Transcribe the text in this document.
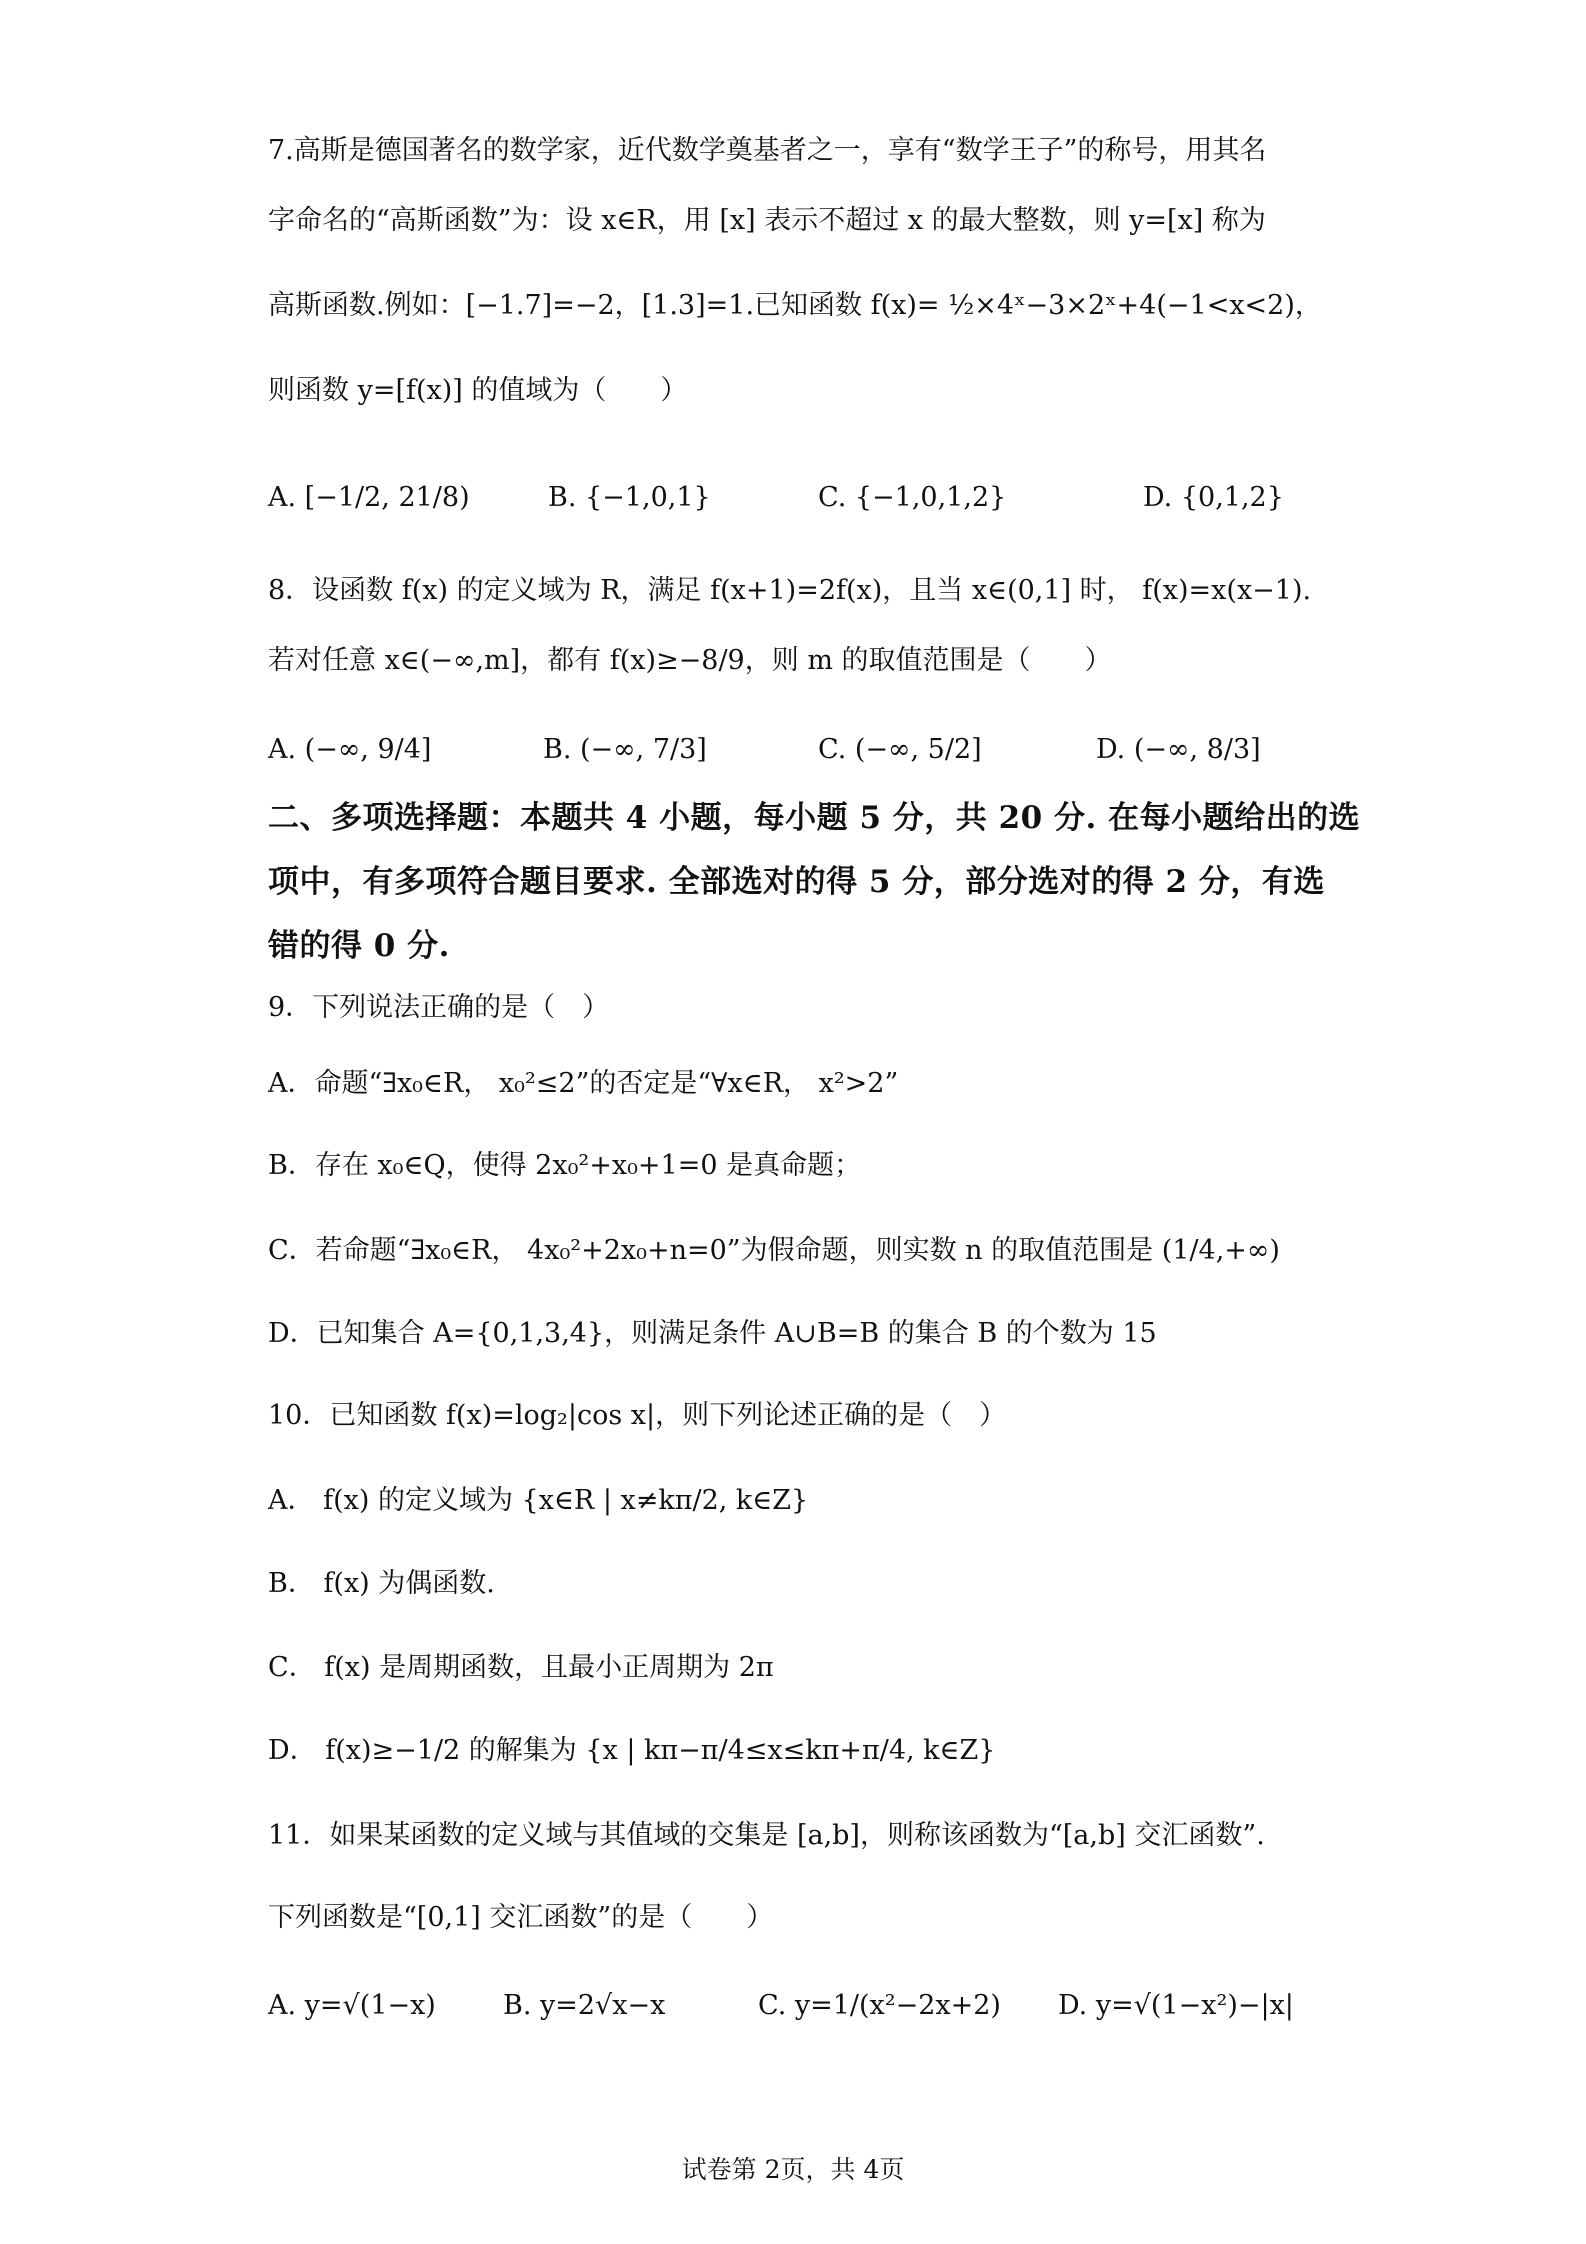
7.高斯是德国著名的数学家，近代数学奠基者之一，享有“数学王子”的称号，用其名
字命名的“高斯函数”为：设 x∈R，用 [x] 表示不超过 x 的最大整数，则 y=[x] 称为
高斯函数.例如：[−1.7]=−2，[1.3]=1.已知函数 f(x)= ½×4ˣ−3×2ˣ+4(−1<x<2)，
则函数 y=[f(x)] 的值域为（　　）
A. [−1/2, 21/8)	B. {−1,0,1}	C. {−1,0,1,2}	D. {0,1,2}
8．设函数 f(x) 的定义域为 R，满足 f(x+1)=2f(x)，且当 x∈(0,1] 时， f(x)=x(x−1).
若对任意 x∈(−∞,m]，都有 f(x)≥−8/9，则 m 的取值范围是（　　）
A. (−∞, 9/4]	B. (−∞, 7/3]	C. (−∞, 5/2]	D. (−∞, 8/3]
二、多项选择题：本题共 4 小题，每小题 5 分，共 20 分. 在每小题给出的选
项中，有多项符合题目要求. 全部选对的得 5 分，部分选对的得 2 分，有选
错的得 0 分.
9．下列说法正确的是（　）
A．命题“∃x₀∈R， x₀²≤2”的否定是“∀x∈R， x²>2”
B．存在 x₀∈Q，使得 2x₀²+x₀+1=0 是真命题；
C．若命题“∃x₀∈R， 4x₀²+2x₀+n=0”为假命题，则实数 n 的取值范围是 (1/4,+∞)
D．已知集合 A={0,1,3,4}，则满足条件 A∪B=B 的集合 B 的个数为 15
10．已知函数 f(x)=log₂|cos x|，则下列论述正确的是（　）
A． f(x) 的定义域为 {x∈R | x≠kπ/2, k∈Z}
B． f(x) 为偶函数.
C． f(x) 是周期函数，且最小正周期为 2π
D． f(x)≥−1/2 的解集为 {x | kπ−π/4≤x≤kπ+π/4, k∈Z}
11．如果某函数的定义域与其值域的交集是 [a,b]，则称该函数为“[a,b] 交汇函数”.
下列函数是“[0,1] 交汇函数”的是（　　）
A. y=√(1−x) B. y=2√x−x	C. y=1/(x²−2x+2) D. y=√(1−x²)−|x|
试卷第 2页，共 4页
